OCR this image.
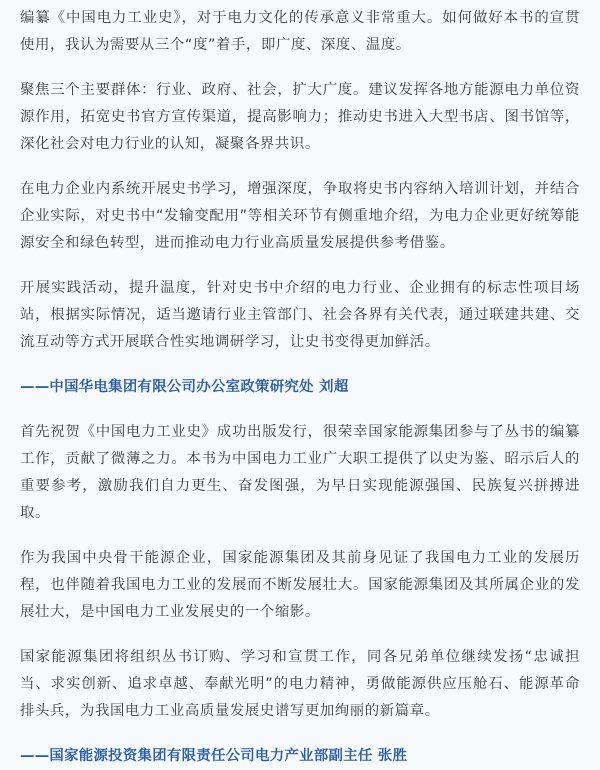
编纂《中国电力工业史》，对于电力文化的传承意义非常重大。如何做好本书的宣贯使用，我认为需要从三个“度”着手，即广度、深度、温度。

聚焦三个主要群体：行业、政府、社会，扩大广度。建议发挥各地方能源电力单位资源作用，拓宽史书官方宣传渠道，提高影响力；推动史书进入大型书店、图书馆等，深化社会对电力行业的认知，凝聚各界共识。

在电力企业内系统开展史书学习，增强深度，争取将史书内容纳入培训计划，并结合企业实际，对史书中“发输变配用”等相关环节有侧重地介绍，为电力企业更好统筹能源安全和绿色转型，进而推动电力行业高质量发展提供参考借鉴。

开展实践活动，提升温度，针对史书中介绍的电力行业、企业拥有的标志性项目场站，根据实际情况，适当邀请行业主管部门、社会各界有关代表，通过联建共建、交流互动等方式开展联合性实地调研学习，让史书变得更加鲜活。

——中国华电集团有限公司办公室政策研究处 刘超

首先祝贺《中国电力工业史》成功出版发行，很荣幸国家能源集团参与了丛书的编纂工作，贡献了微薄之力。本书为中国电力工业广大职工提供了以史为鉴、昭示后人的重要参考，激励我们自力更生、奋发图强，为早日实现能源强国、民族复兴拼搏进取。

作为我国中央骨干能源企业，国家能源集团及其前身见证了我国电力工业的发展历程，也伴随着我国电力工业的发展而不断发展壮大。国家能源集团及其所属企业的发展壮大，是中国电力工业发展史的一个缩影。

国家能源集团将组织丛书订购、学习和宣贯工作，同各兄弟单位继续发扬“忠诚担当、求实创新、追求卓越、奉献光明”的电力精神，勇做能源供应压舱石、能源革命排头兵，为我国电力工业高质量发展史谱写更加绚丽的新篇章。

——国家能源投资集团有限责任公司电力产业部副主任 张胜
